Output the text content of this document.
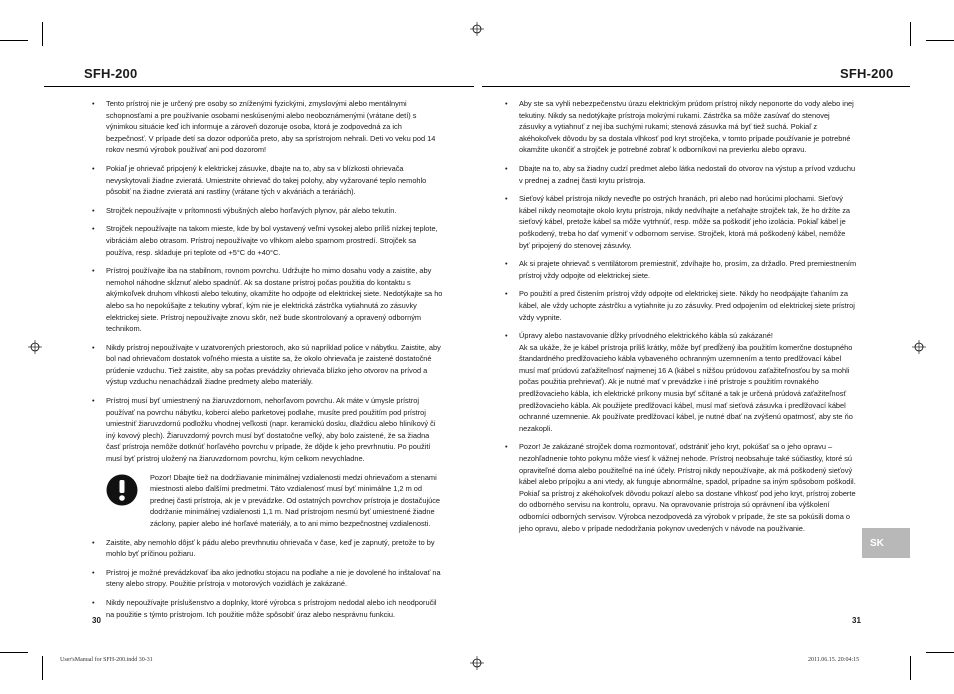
SFH-200	SFH-200
• Tento prístroj nie je určený pre osoby so zníženými fyzickými, zmyslovými alebo mentálnymi schopnosťami a pre používanie osobami neskúsenými alebo neoboznámenými (vrátane detí) s výnimkou situácie keď ich informuje a zároveň dozoruje osoba, ktorá je zodpovedná za ich bezpečnosť. V prípade detí sa dozor odporúča preto, aby sa sprístrojom nehrali. Deti vo veku pod 14 rokov nesmú výrobok používať ani pod dozorom!
• Pokiaľ je ohrievač pripojený k elektrickej zásuvke, dbajte na to, aby sa v blízkosti ohrievača nevyskytovali žiadne zvieratá. Umiestnite ohrievač do takej polohy, aby vyžarované teplo nemohlo pôsobiť na žiadne zvieratá ani rastliny (vrátane tých v akváriách a teráriách).
• Strojček nepoužívajte v prítomnosti výbušných alebo horľavých plynov, pár alebo tekutín.
• Strojček nepoužívajte na takom mieste, kde by bol vystavený veľmi vysokej alebo príliš nízkej teplote, vibráciám alebo otrasom. Prístroj nepoužívajte vo vlhkom alebo sparnom prostredí. Strojček sa používa, resp. skladuje pri teplote od +5°C do +40°C.
• Prístroj používajte iba na stabilnom, rovnom povrchu. Udržujte ho mimo dosahu vody a zaistite, aby nemohol náhodne skĺznuť alebo spadnúť. Ak sa dostane prístroj počas použitia do kontaktu s akýmkoľvek druhom vlhkosti alebo tekutiny, okamžite ho odpojte od elektrickej siete. Nedotýkajte sa ho alebo sa ho nepokúšajte z tekutiny vybrať, kým nie je elektrická zástrčka vytiahnutá zo zásuvky elektrickej siete. Prístroj nepoužívajte znovu skôr, než bude skontrolovaný a opravený odborným technikom.
• Nikdy prístroj nepoužívajte v uzatvorených priestoroch, ako sú napríklad police v nábytku. Zaistite, aby bol nad ohrievačom dostatok voľného miesta a uistite sa, že okolo ohrievača je zaistené dostatočné prúdenie vzduchu. Tiež zaistite, aby sa počas prevádzky ohrievača blízko jeho otvorov na prívod a výstup vzduchu nenachádzali žiadne predmety alebo materiály.
• Prístroj musí byť umiestnený na žiaruvzdornom, nehorľavom povrchu. Ak máte v úmysle prístroj používať na povrchu nábytku, koberci alebo parketovej podlahe, musíte pred použitím pod prístroj umiestniť žiaruvzdornú podložku vhodnej veľkosti (napr. keramickú dosku, dlaždicu alebo hliníkový či iný kovový plech). Žiaruvzdorný povrch musí byť dostatočne veľký, aby bolo zaistené, že sa žiadna časť prístroja nemôže dotknúť horľavého povrchu v prípade, že dôjde k jeho prevrhnutiu. Po použití musí byť prístroj uložený na žiaruvzdornom povrchu, kým celkom nevychladne.
Pozor! Dbajte tiež na dodržiavanie minimálnej vzdialenosti medzi ohrievačom a stenami miestnosti alebo ďalšími predmetmi. Táto vzdialenosť musí byť minimálne 1,2 m od prednej časti prístroja, ak je v prevádzke. Od ostatných povrchov prístroja je dostačujúce dodržanie minimálnej vzdialenosti 1,1 m. Nad prístrojom nesmú byť umiestnené žiadne záclony, papier alebo iné horľavé materiály, a to ani mimo bezpečnostnej vzdialenosti.
• Zaistite, aby nemohlo dôjsť k pádu alebo prevrhnutiu ohrievača v čase, keď je zapnutý, pretože to by mohlo byť príčinou požiaru.
• Prístroj je možné prevádzkovať iba ako jednotku stojacu na podlahe a nie je dovolené ho inštalovať na steny alebo stropy. Použitie prístroja v motorových vozidlách je zakázané.
• Nikdy nepoužívajte príslušenstvo a doplnky, ktoré výrobca s prístrojom nedodal alebo ich neodporučil na použitie s týmto prístrojom. Ich použitie môže spôsobiť úraz alebo nesprávnu funkciu.
• Aby ste sa vyhli nebezpečenstvu úrazu elektrickým prúdom prístroj nikdy neponorte do vody alebo inej tekutiny. Nikdy sa nedotýkajte prístroja mokrými rukami. Zástrčka sa môže zasúvať do stenovej zásuvky a vytiahnuť z nej iba suchými rukami; stenová zásuvka má byť tiež suchá. Pokiaľ z akéhokoľvek dôvodu by sa dostala vlhkosť pod kryt strojčeka, v tomto prípade používanie je potrebné okamžite ukončiť a strojček je potrebné zobrať k odborníkovi na previerku alebo opravu.
• Dbajte na to, aby sa žiadny cudzí predmet alebo látka nedostali do otvorov na výstup a prívod vzduchu v prednej a zadnej časti krytu prístroja.
• Sieťový kábel prístroja nikdy neveďte po ostrých hranách, pri alebo nad horúcimi plochami. Sieťový kábel nikdy neomotajte okolo krytu prístroja, nikdy nedvíhajte a neťahajte strojček tak, že ho držíte za sieťový kábel, pretože kábel sa môže vytrhnúť, resp. môže sa poškodiť jeho izolácia. Pokiaľ kábel je poškodený, treba ho dať vymeniť v odbornom servise. Strojček, ktorá má poškodený kábel, nemôže byť pripojený do stenovej zásuvky.
• Ak si prajete ohrievač s ventilátorom premiestniť, zdvíhajte ho, prosím, za držadlo. Pred premiestnením prístroj vždy odpojte od elektrickej siete.
• Po použití a pred čistením prístroj vždy odpojte od elektrickej siete. Nikdy ho neodpájajte ťahaním za kábel, ale vždy uchopte zástrčku a vytiahnite ju zo zásuvky. Pred odpojením od elektrickej siete prístroj vždy vypnite.

• Úpravy alebo nastavovanie dĺžky prívodného elektrického kábla sú zakázané!

Ak sa ukáže, že je kábel prístroja príliš krátky, môže byť predĺžený iba použitím komerčne dostupného štandardného predlžovacieho kábla vybaveného ochranným uzemnením a tento predlžovací kábel musí mať prúdovú zaťažiteľnosť najmenej 16 A (kábel s nižšou prúdovou zaťažiteľnosťou by sa mohli počas použitia prehrievať). Ak je nutné mať v prevádzke i iné prístroje s použitím rovnakého predlžovacieho kábla, ich elektrické príkony musia byť sčítané a tak je určená prúdová zaťažiteľnosť predlžovacieho kábla. Ak použijete predlžovací kábel, musí mať sieťová zásuvka i predlžovací kábel ochranné uzemnenie. Ak používate predlžovací kábel, je nutné dbať na zvýšenú opatrnosť, aby ste ňo nezakopli.

• Pozor! Je zakázané strojček doma rozmontovať, odstrániť jeho kryt, pokúšať sa o jeho opravu – nezohľadnenie tohto pokynu môže viesť k vážnej nehode. Prístroj neobsahuje také súčiastky, ktoré sú opraviteľné doma alebo použiteľné na iné účely. Prístroj nikdy nepoužívajte, ak má poškodený sieťový kábel alebo prípojku a ani vtedy, ak funguje abnormálne, spadol, prípadne sa iným spôsobom poškodil. Pokiaľ sa prístroj z akéhokoľvek dôvodu pokazí alebo sa dostane vlhkosť pod jeho kryt, prístroj zoberte do odborného servisu na kontrolu, opravu. Na opravovanie prístroja sú oprávnení iba výškolení odborníci odborných servisov. Výrobca nezodpovedá za výrobok v prípade, že ste sa pokúsili doma o jeho opravu, alebo v prípade nedodržania pokynov uvedených v návode na používanie.
30	31
SK
User'sManual for SFH-200.indd 30-31	2011.06.15. 20:04:15
